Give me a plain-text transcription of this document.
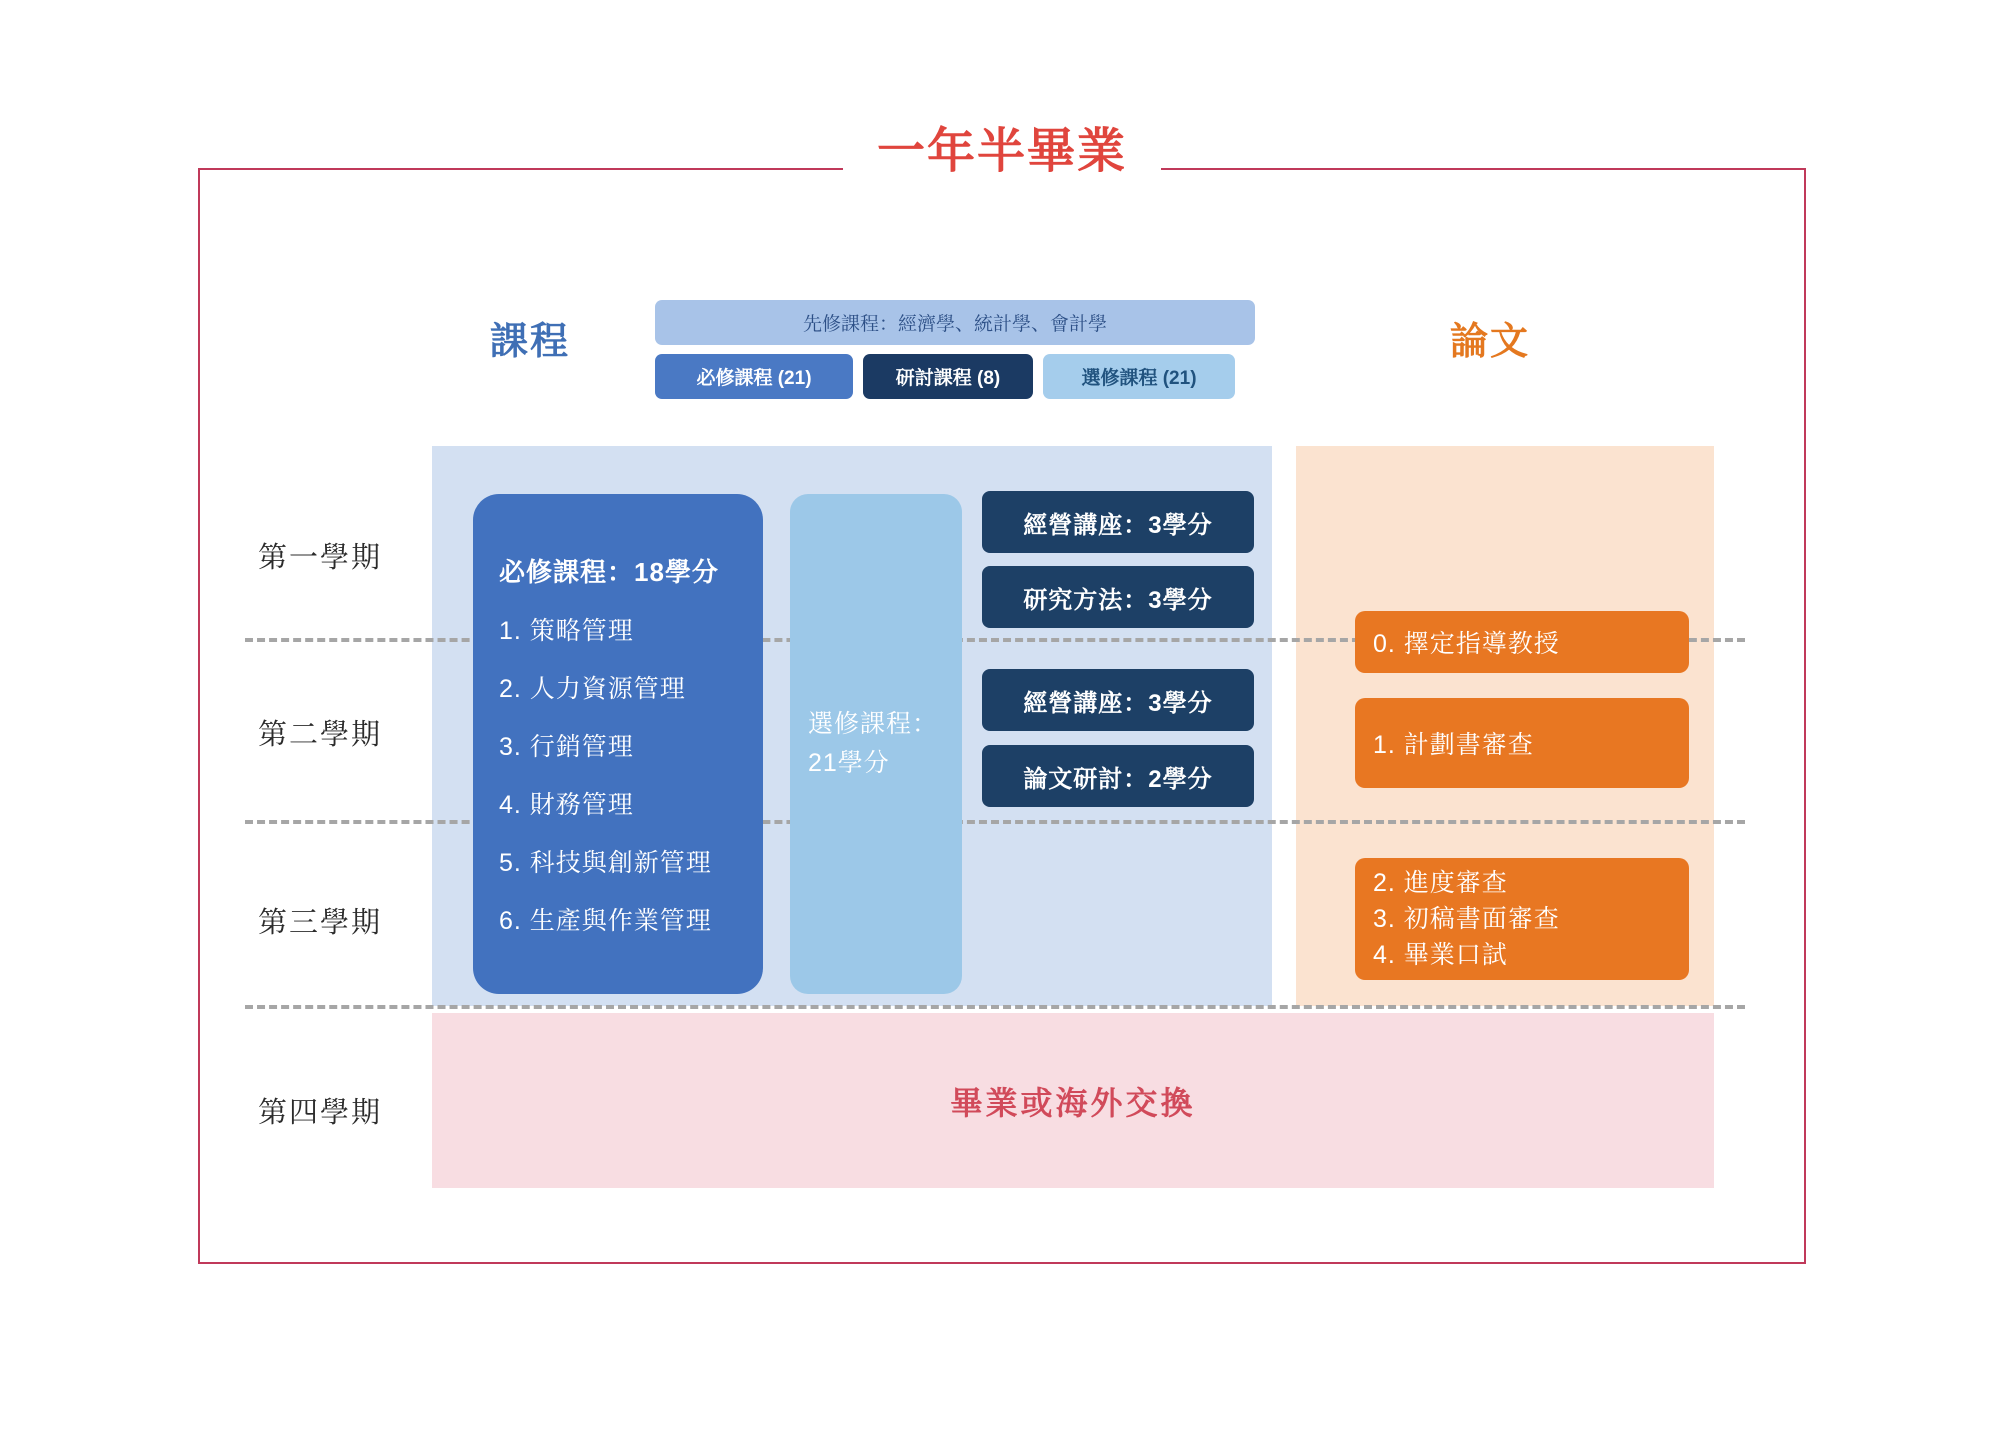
一年半畢業
課程	論文
先修課程：經濟學、統計學、會計學
必修課程 (21)	研討課程 (8)	選修課程 (21)
第一學期
第二學期
第三學期
第四學期
必修課程：18學分
1. 策略管理
2. 人力資源管理
3. 行銷管理
4. 財務管理
5. 科技與創新管理
6. 生產與作業管理
選修課程：
21學分
經營講座：3學分
研究方法：3學分
經營講座：3學分
論文研討：2學分
0. 擇定指導教授
1. 計劃書審查
2. 進度審查
3. 初稿書面審查
4. 畢業口試
畢業或海外交換
